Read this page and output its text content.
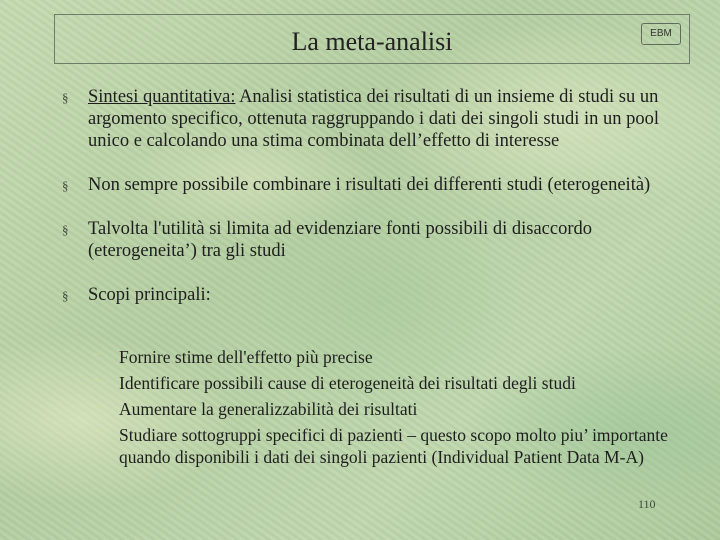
La meta-analisi	EBM
§ Sintesi quantitativa: Analisi statistica dei risultati di un insieme di studi su un argomento specifico, ottenuta raggruppando i dati dei singoli studi in un pool unico e calcolando una stima combinata dell’effetto di interesse
§ Non sempre possibile combinare i risultati dei differenti studi (eterogeneità)
§ Talvolta l'utilità si limita ad evidenziare fonti possibili di disaccordo (eterogeneita’) tra gli studi
§ Scopi principali:
¨ Fornire stime dell'effetto più precise
¨ Identificare possibili cause di eterogeneità dei risultati degli studi
¨ Aumentare la generalizzabilità dei risultati
¨ Studiare sottogruppi specifici di pazienti – questo scopo molto piu’ importante quando disponibili i dati dei singoli pazienti (Individual Patient Data M-A)
110
